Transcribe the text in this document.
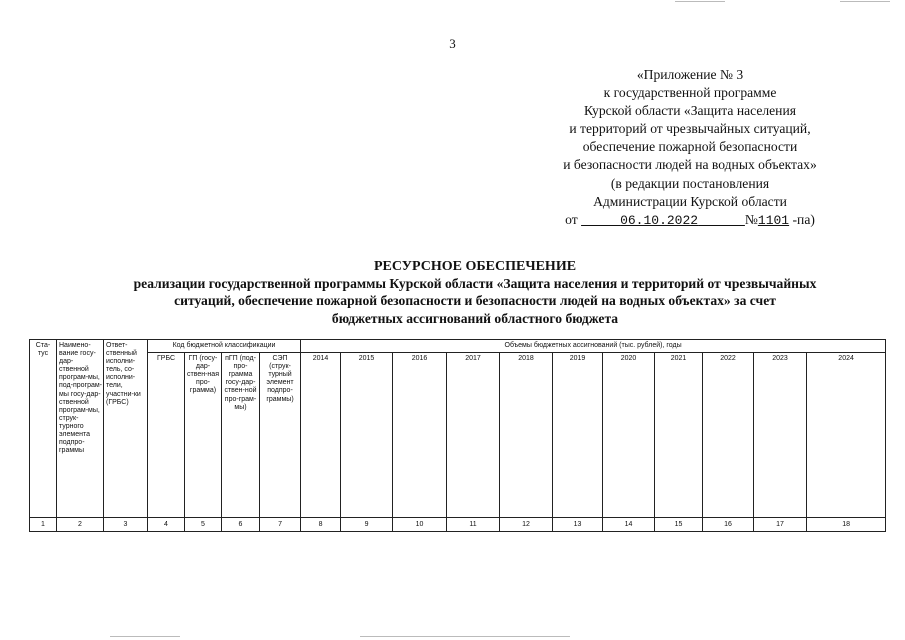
3
«Приложение № 3
к государственной программе
Курской области «Защита населения
и территорий от чрезвычайных ситуаций,
обеспечение пожарной безопасности
и безопасности людей на водных объектах»
(в редакции постановления
Администрации Курской области
от	06.10.2022	№1101 -па)
РЕСУРСНОЕ ОБЕСПЕЧЕНИЕ
реализации государственной программы Курской области «Защита населения и территорий от чрезвычайных
ситуаций, обеспечение пожарной безопасности и безопасности людей на водных объектах» за счет
бюджетных ассигнований областного бюджета
Ста-тус	Наимено-вание госу-дар-ственной програм-мы, под-програм-мы госу-дар-ственной програм-мы, струк-турного элемента подпро-граммы	Ответ-ственный исполни-тель, со-исполни-тели, участни-ки (ГРБС)	Код бюджетной классификации				Объемы бюджетных ассигнований (тыс. рублей), годы										
			ГРБС	ГП (госу-дар-ствен-ная про-грамма)	пГП (под-про-грамма госу-дар-ствен-ной про-грам-мы)	СЭП (струк-турный элемент подпро-граммы)	2014	2015	2016	2017	2018	2019	2020	2021	2022	2023	2024
1	2	3	4	5	6	7	8	9	10	11	12	13	14	15	16	17	18
